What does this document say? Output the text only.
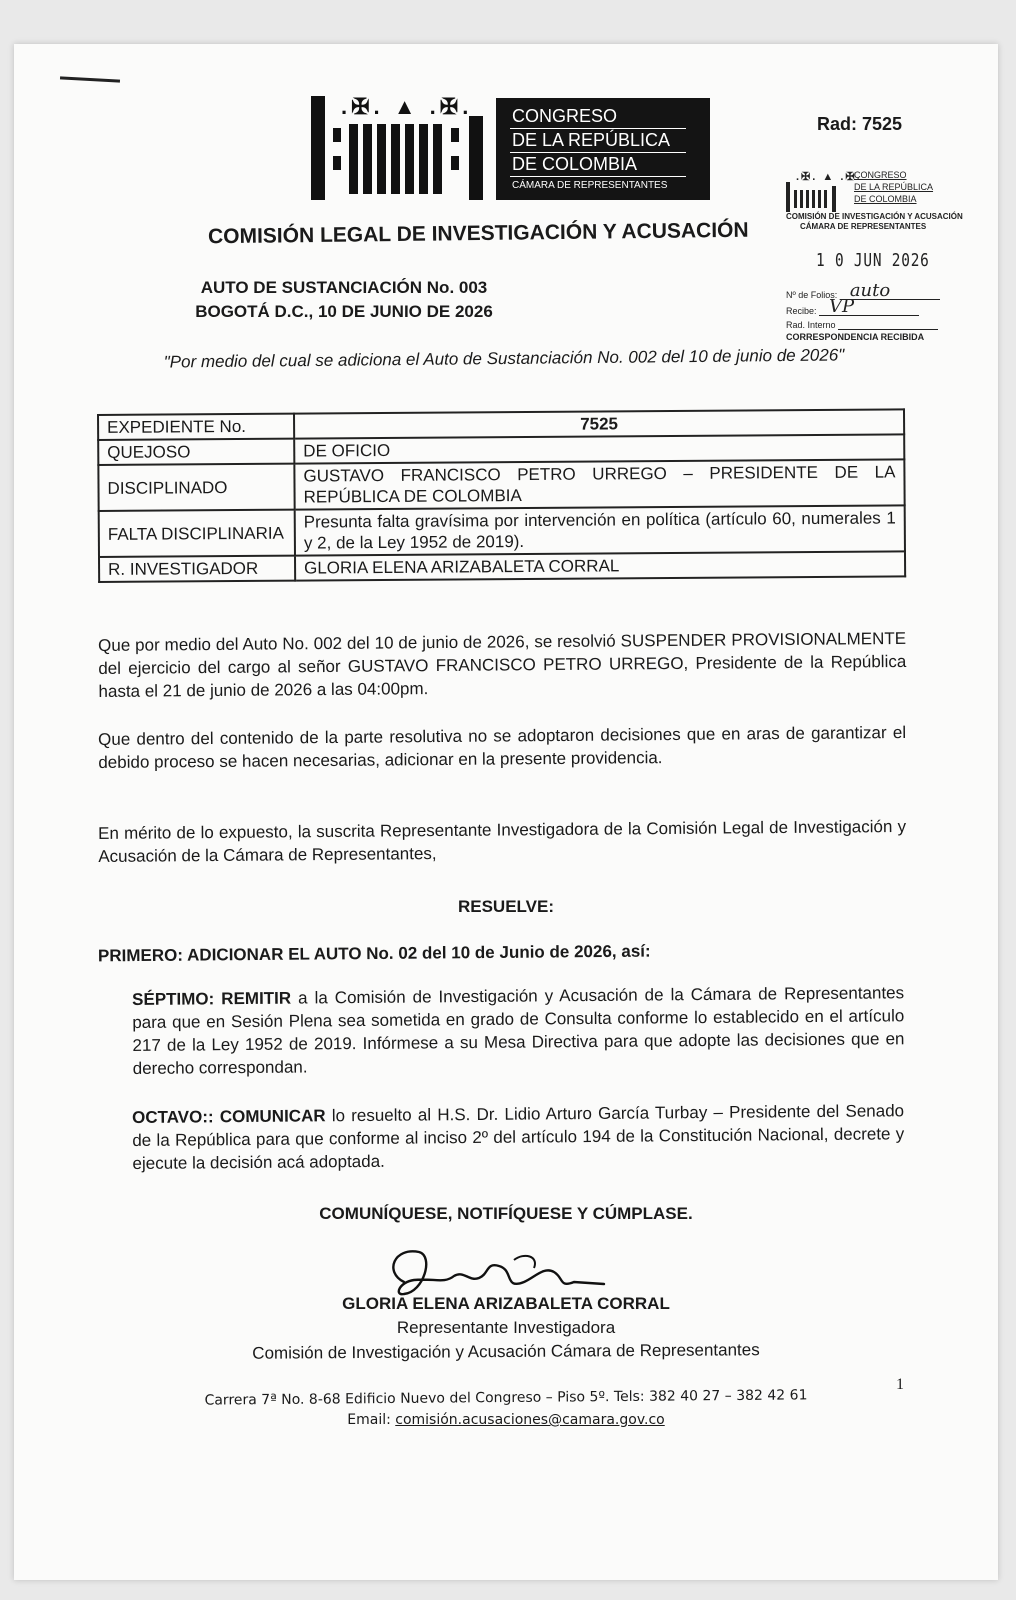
.✠. ▲ .✠. CONGRESO
DE LA REPÚBLICA
DE COLOMBIA
CÁMARA DE REPRESENTANTES
Rad: 7525
.✠. ▲ .✠.
CONGRESO
DE LA REPÚBLICA
DE COLOMBIA
COMISIÓN DE INVESTIGACIÓN Y ACUSACIÓN
CÁMARA DE REPRESENTANTES
1 0 JUN 2026
Nº de Folios: auto
Recibe: VP
Rad. Interno
CORRESPONDENCIA RECIBIDA
COMISIÓN LEGAL DE INVESTIGACIÓN Y ACUSACIÓN
AUTO DE SUSTANCIACIÓN No. 003
BOGOTÁ D.C., 10 DE JUNIO DE 2026
"Por medio del cual se adiciona el Auto de Sustanciación No. 002 del 10 de junio de 2026"
EXPEDIENTE No.	7525
QUEJOSO	DE OFICIO
DISCIPLINADO	GUSTAVO FRANCISCO PETRO URREGO – PRESIDENTE DE LA REPÚBLICA DE COLOMBIA
FALTA DISCIPLINARIA	Presunta falta gravísima por intervención en política (artículo 60, numerales 1 y 2, de la Ley 1952 de 2019).
R. INVESTIGADOR	GLORIA ELENA ARIZABALETA CORRAL
Que por medio del Auto No. 002 del 10 de junio de 2026, se resolvió SUSPENDER PROVISIONALMENTE del ejercicio del cargo al señor GUSTAVO FRANCISCO PETRO URREGO, Presidente de la República hasta el 21 de junio de 2026 a las 04:00pm.
Que dentro del contenido de la parte resolutiva no se adoptaron decisiones que en aras de garantizar el debido proceso se hacen necesarias, adicionar en la presente providencia.
En mérito de lo expuesto, la suscrita Representante Investigadora de la Comisión Legal de Investigación y Acusación de la Cámara de Representantes,
RESUELVE:
PRIMERO: ADICIONAR EL AUTO No. 02 del 10 de Junio de 2026, así:
SÉPTIMO: REMITIR a la Comisión de Investigación y Acusación de la Cámara de Representantes para que en Sesión Plena sea sometida en grado de Consulta conforme lo establecido en el artículo 217 de la Ley 1952 de 2019. Infórmese a su Mesa Directiva para que adopte las decisiones que en derecho correspondan.
OCTAVO:: COMUNICAR lo resuelto al H.S. Dr. Lidio Arturo García Turbay – Presidente del Senado de la República para que conforme al inciso 2º del artículo 194 de la Constitución Nacional, decrete y ejecute la decisión acá adoptada.
COMUNÍQUESE, NOTIFÍQUESE Y CÚMPLASE.
GLORIA ELENA ARIZABALETA CORRAL
Representante Investigadora
Comisión de Investigación y Acusación Cámara de Representantes
1
Carrera 7ª No. 8-68 Edificio Nuevo del Congreso – Piso 5º. Tels: 382 40 27 – 382 42 61
Email: comisión.acusaciones@camara.gov.co
